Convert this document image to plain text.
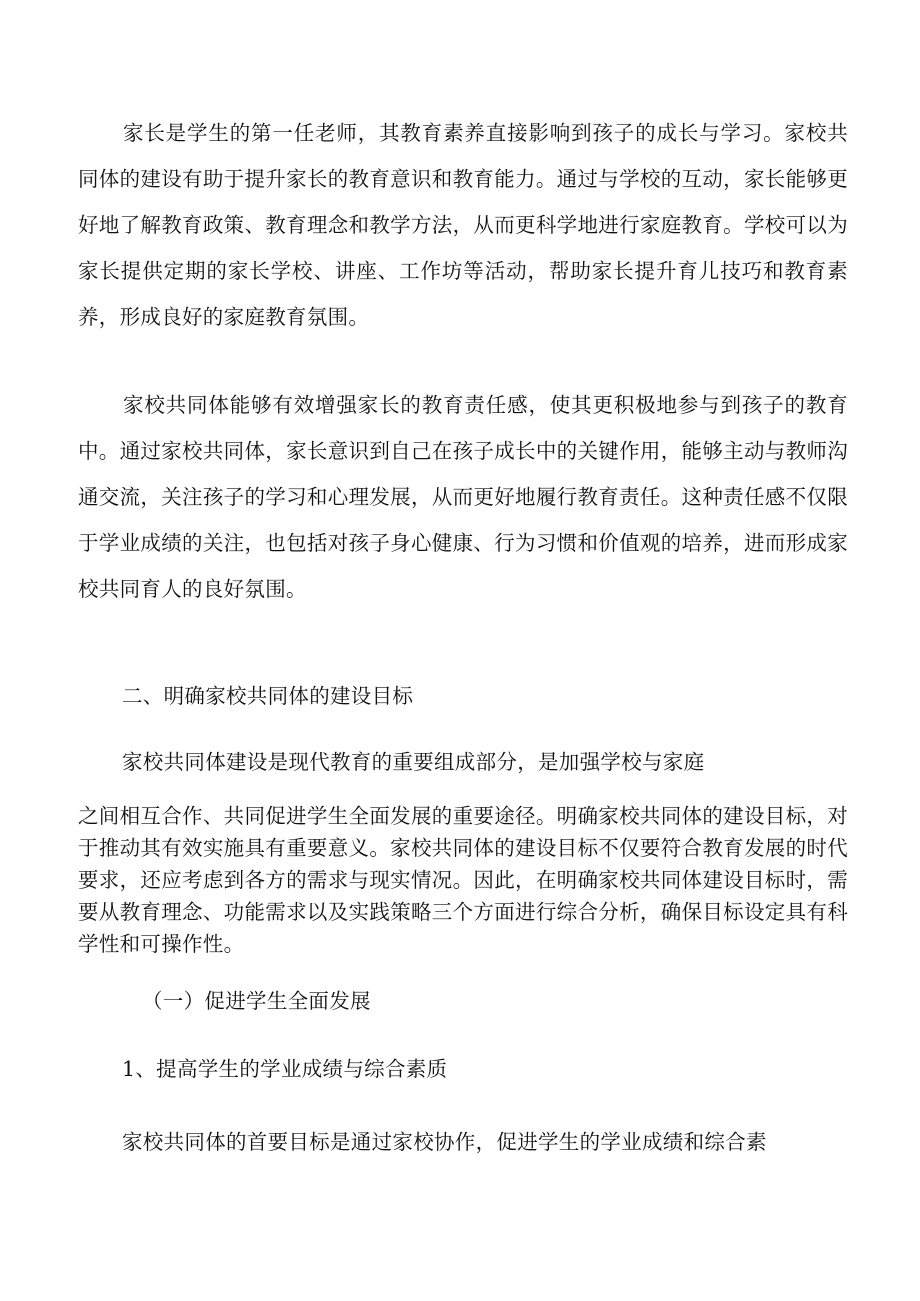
家长是学生的第一任老师，其教育素养直接影响到孩子的成长与学习。家校共同体的建设有助于提升家长的教育意识和教育能力。通过与学校的互动，家长能够更好地了解教育政策、教育理念和教学方法，从而更科学地进行家庭教育。学校可以为家长提供定期的家长学校、讲座、工作坊等活动，帮助家长提升育儿技巧和教育素养，形成良好的家庭教育氛围。

家校共同体能够有效增强家长的教育责任感，使其更积极地参与到孩子的教育中。通过家校共同体，家长意识到自己在孩子成长中的关键作用，能够主动与教师沟通交流，关注孩子的学习和心理发展，从而更好地履行教育责任。这种责任感不仅限于学业成绩的关注，也包括对孩子身心健康、行为习惯和价值观的培养，进而形成家校共同育人的良好氛围。

二、明确家校共同体的建设目标

家校共同体建设是现代教育的重要组成部分，是加强学校与家庭

之间相互合作、共同促进学生全面发展的重要途径。明确家校共同体的建设目标，对于推动其有效实施具有重要意义。家校共同体的建设目标不仅要符合教育发展的时代要求，还应考虑到各方的需求与现实情况。因此，在明确家校共同体建设目标时，需要从教育理念、功能需求以及实践策略三个方面进行综合分析，确保目标设定具有科学性和可操作性。

（一）促进学生全面发展
1、提高学生的学业成绩与综合素质

家校共同体的首要目标是通过家校协作，促进学生的学业成绩和综合素
